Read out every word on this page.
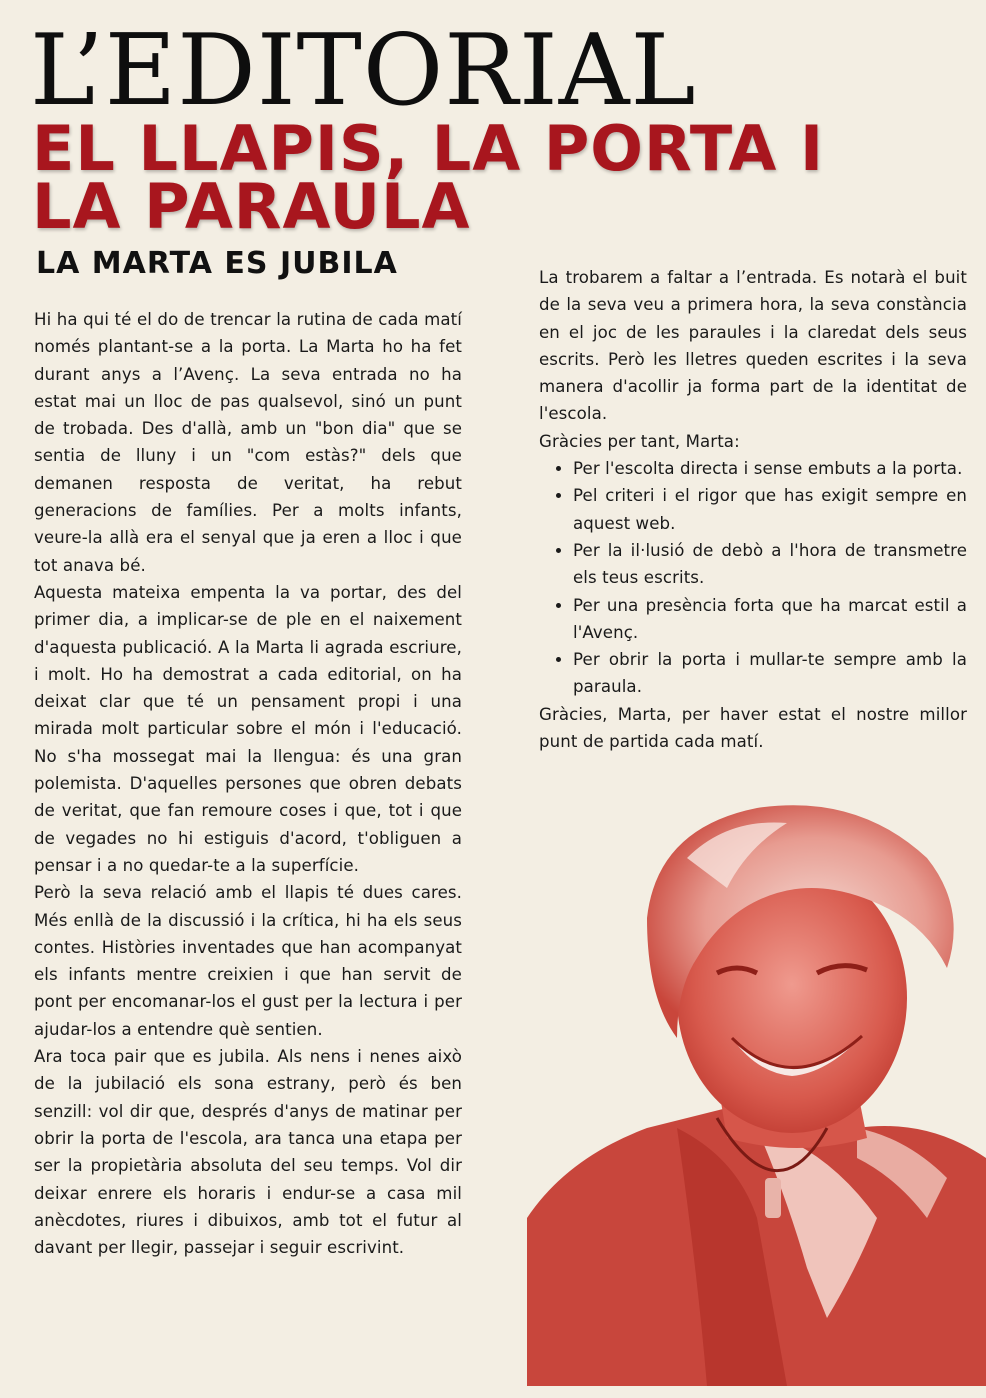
L’EDITORIAL
EL LLAPIS, LA PORTA I LA PARAULA
LA MARTA ES JUBILA

Hi ha qui té el do de trencar la rutina de cada matí només plantant-se a la porta. La Marta ho ha fet durant anys a l’Avenç. La seva entrada no ha estat mai un lloc de pas qualsevol, sinó un punt de trobada. Des d'allà, amb un "bon dia" que se sentia de lluny i un "com estàs?" dels que demanen resposta de veritat, ha rebut generacions de famílies. Per a molts infants, veure-la allà era el senyal que ja eren a lloc i que tot anava bé.

Aquesta mateixa empenta la va portar, des del primer dia, a implicar-se de ple en el naixement d'aquesta publicació. A la Marta li agrada escriure, i molt. Ho ha demostrat a cada editorial, on ha deixat clar que té un pensament propi i una mirada molt particular sobre el món i l'educació. No s'ha mossegat mai la llengua: és una gran polemista. D'aquelles persones que obren debats de veritat, que fan remoure coses i que, tot i que de vegades no hi estiguis d'acord, t'obliguen a pensar i a no quedar-te a la superfície.

Però la seva relació amb el llapis té dues cares. Més enllà de la discussió i la crítica, hi ha els seus contes. Històries inventades que han acompanyat els infants mentre creixien i que han servit de pont per encomanar-los el gust per la lectura i per ajudar-los a entendre què sentien.

Ara toca pair que es jubila. Als nens i nenes això de la jubilació els sona estrany, però és ben senzill: vol dir que, després d'anys de matinar per obrir la porta de l'escola, ara tanca una etapa per ser la propietària absoluta del seu temps. Vol dir deixar enrere els horaris i endur-se a casa mil anècdotes, riures i dibuixos, amb tot el futur al davant per llegir, passejar i seguir escrivint.

La trobarem a faltar a l’entrada. Es notarà el buit de la seva veu a primera hora, la seva constància en el joc de les paraules i la claredat dels seus escrits. Però les lletres queden escrites i la seva manera d'acollir ja forma part de la identitat de l'escola.

Gràcies per tant, Marta:

• Per l'escolta directa i sense embuts a la porta.
• Pel criteri i el rigor que has exigit sempre en aquest web.
• Per la il·lusió de debò a l'hora de transmetre els teus escrits.
• Per una presència forta que ha marcat estil a l'Avenç.
• Per obrir la porta i mullar-te sempre amb la paraula.

Gràcies, Marta, per haver estat el nostre millor punt de partida cada matí.
